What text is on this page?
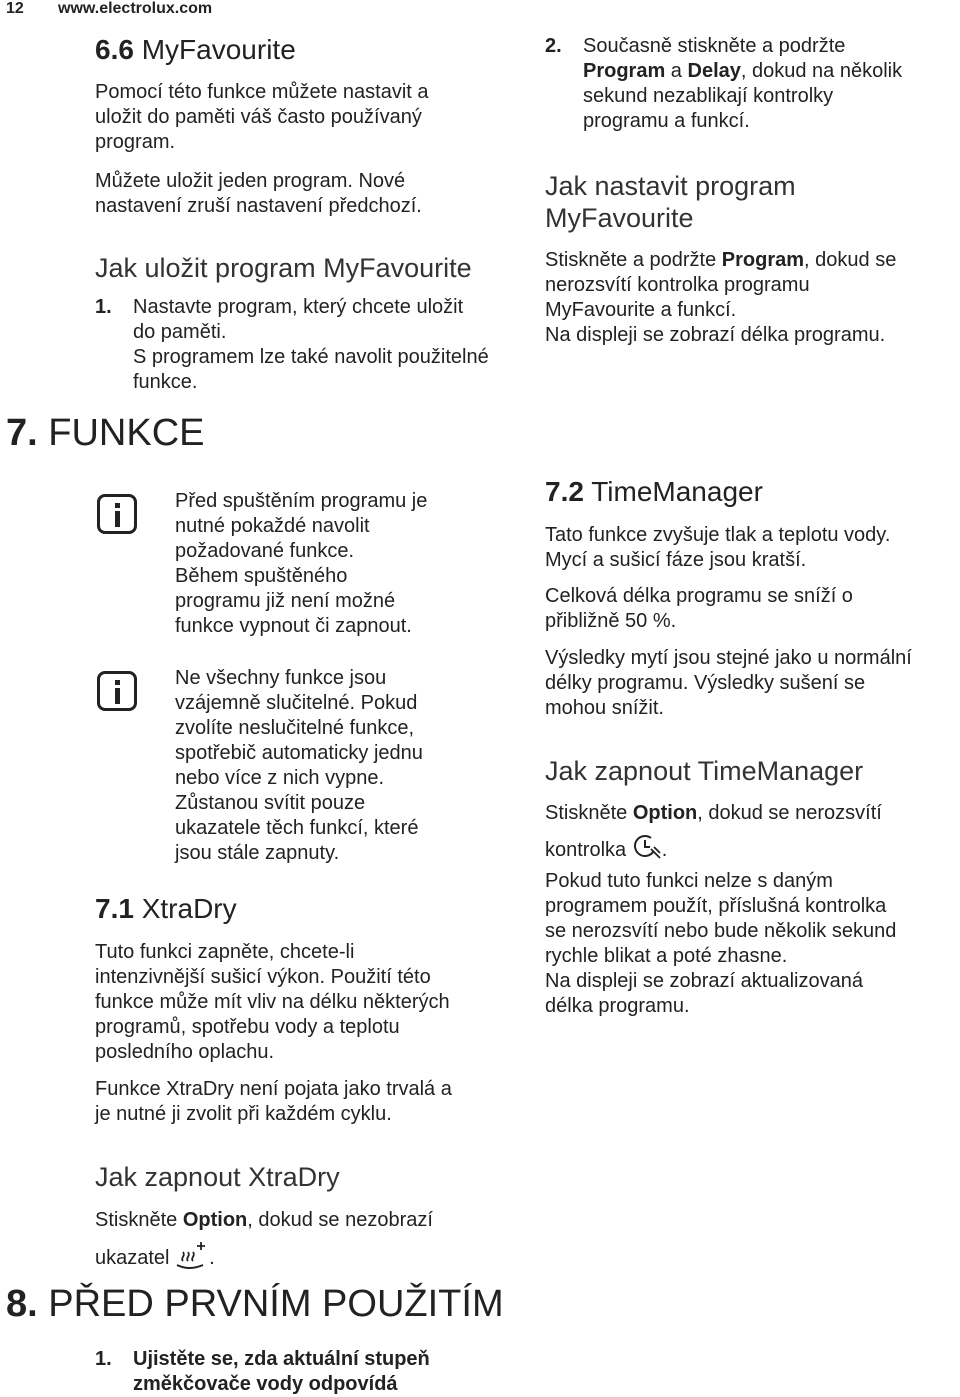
12 www.electrolux.com
6.6 MyFavourite
Pomocí této funkce můžete nastavit a
uložit do paměti váš často používaný
program.
Můžete uložit jeden program. Nové
nastavení zruší nastavení předchozí.
Jak uložit program MyFavourite
1. Nastavte program, který chcete uložit
do paměti.
S programem lze také navolit použitelné
funkce.
7. FUNKCE
Před spuštěním programu je
nutné pokaždé navolit
požadované funkce.
Během spuštěného
programu již není možné
funkce vypnout či zapnout.
Ne všechny funkce jsou
vzájemně slučitelné. Pokud
zvolíte neslučitelné funkce,
spotřebič automaticky jednu
nebo více z nich vypne.
Zůstanou svítit pouze
ukazatele těch funkcí, které
jsou stále zapnuty.
7.1 XtraDry
Tuto funkci zapněte, chcete-li
intenzivnější sušicí výkon. Použití této
funkce může mít vliv na délku některých
programů, spotřebu vody a teplotu
posledního oplachu.
Funkce XtraDry není pojata jako trvalá a
je nutné ji zvolit při každém cyklu.
Jak zapnout XtraDry
Stiskněte Option, dokud se nezobrazí
ukazatel .
8. PŘED PRVNÍM POUŽITÍM
1. Ujistěte se, zda aktuální stupeň
změkčovače vody odpovídá
2. Současně stiskněte a podržte
Program a Delay, dokud na několik
sekund nezablikají kontrolky
programu a funkcí.
Jak nastavit program
MyFavourite
Stiskněte a podržte Program, dokud se
nerozsvítí kontrolka programu
MyFavourite a funkcí.
Na displeji se zobrazí délka programu.
7.2 TimeManager
Tato funkce zvyšuje tlak a teplotu vody.
Mycí a sušicí fáze jsou kratší.
Celková délka programu se sníží o
přibližně 50 %.
Výsledky mytí jsou stejné jako u normální
délky programu. Výsledky sušení se
mohou snížit.
Jak zapnout TimeManager
Stiskněte Option, dokud se nerozsvítí
kontrolka .
Pokud tuto funkci nelze s daným
programem použít, příslušná kontrolka
se nerozsvítí nebo bude několik sekund
rychle blikat a poté zhasne.
Na displeji se zobrazí aktualizovaná
délka programu.
